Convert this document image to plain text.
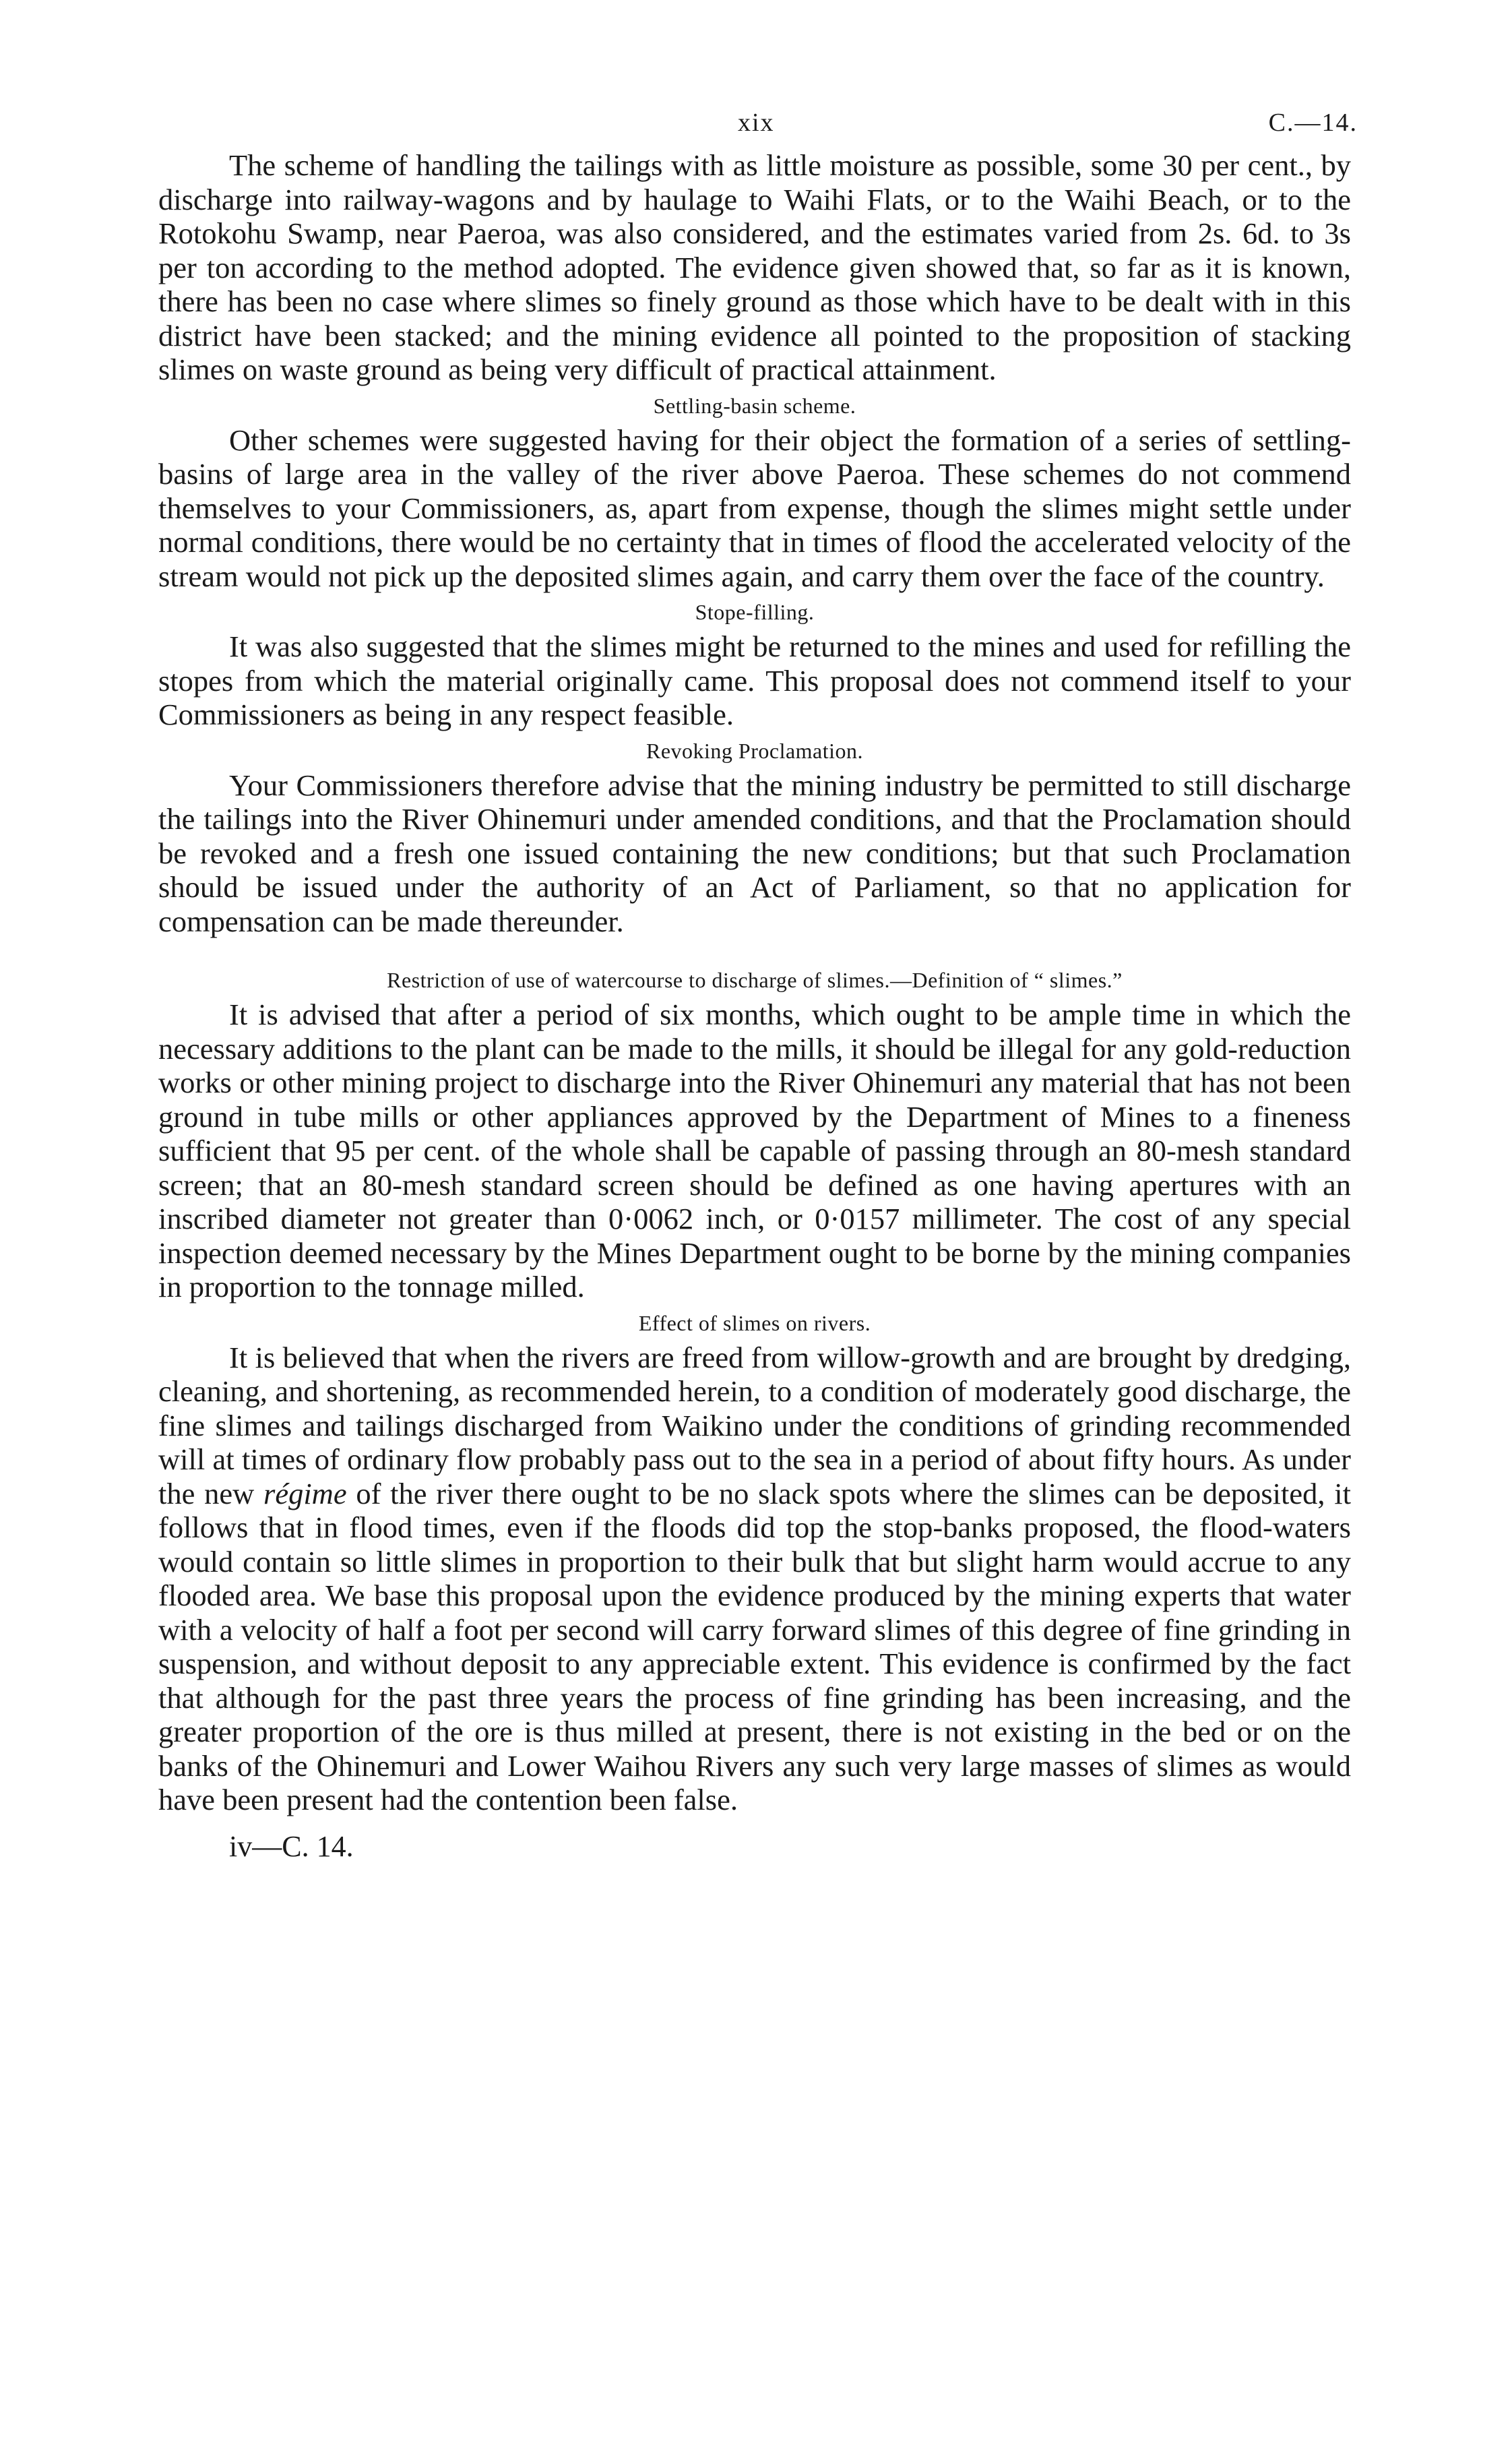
xix	C.—14.

The scheme of handling the tailings with as little moisture as possible, some 30 per cent., by discharge into railway-wagons and by haulage to Waihi Flats, or to the Waihi Beach, or to the Rotokohu Swamp, near Paeroa, was also considered, and the estimates varied from 2s. 6d. to 3s per ton according to the method adopted. The evidence given showed that, so far as it is known, there has been no case where slimes so finely ground as those which have to be dealt with in this district have been stacked; and the mining evidence all pointed to the proposition of stacking slimes on waste ground as being very difficult of practical attainment.

Settling-basin scheme.

Other schemes were suggested having for their object the formation of a series of settling-basins of large area in the valley of the river above Paeroa. These schemes do not commend themselves to your Commissioners, as, apart from expense, though the slimes might settle under normal conditions, there would be no certainty that in times of flood the accelerated velocity of the stream would not pick up the deposited slimes again, and carry them over the face of the country.

Stope-filling.

It was also suggested that the slimes might be returned to the mines and used for refilling the stopes from which the material originally came. This proposal does not commend itself to your Commissioners as being in any respect feasible.

Revoking Proclamation.

Your Commissioners therefore advise that the mining industry be permitted to still discharge the tailings into the River Ohinemuri under amended conditions, and that the Proclamation should be revoked and a fresh one issued containing the new conditions; but that such Proclamation should be issued under the authority of an Act of Parliament, so that no application for compensation can be made thereunder.

Restriction of use of watercourse to discharge of slimes.—Definition of “ slimes.”

It is advised that after a period of six months, which ought to be ample time in which the necessary additions to the plant can be made to the mills, it should be illegal for any gold-reduction works or other mining project to discharge into the River Ohinemuri any material that has not been ground in tube mills or other appliances approved by the Department of Mines to a fineness sufficient that 95 per cent. of the whole shall be capable of passing through an 80-mesh standard screen; that an 80-mesh standard screen should be defined as one having apertures with an inscribed diameter not greater than 0·0062 inch, or 0·0157 millimeter. The cost of any special inspection deemed necessary by the Mines Department ought to be borne by the mining companies in proportion to the tonnage milled.

Effect of slimes on rivers.

It is believed that when the rivers are freed from willow-growth and are brought by dredging, cleaning, and shortening, as recommended herein, to a condition of moderately good discharge, the fine slimes and tailings discharged from Waikino under the conditions of grinding recommended will at times of ordinary flow probably pass out to the sea in a period of about fifty hours. As under the new régime of the river there ought to be no slack spots where the slimes can be deposited, it follows that in flood times, even if the floods did top the stop-banks proposed, the flood-waters would contain so little slimes in proportion to their bulk that but slight harm would accrue to any flooded area. We base this proposal upon the evidence produced by the mining experts that water with a velocity of half a foot per second will carry forward slimes of this degree of fine grinding in suspension, and without deposit to any appreciable extent. This evidence is confirmed by the fact that although for the past three years the process of fine grinding has been increasing, and the greater proportion of the ore is thus milled at present, there is not existing in the bed or on the banks of the Ohinemuri and Lower Waihou Rivers any such very large masses of slimes as would have been present had the contention been false.

iv—C. 14.
